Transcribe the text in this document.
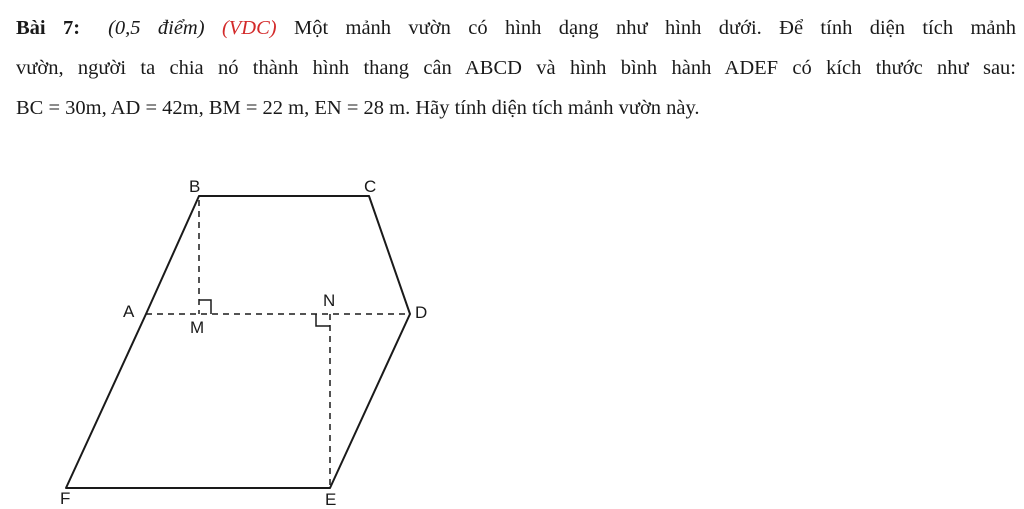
Bài 7: (0,5 điểm) (VDC) Một mảnh vườn có hình dạng như hình dưới. Để tính diện tích mảnh
vườn, người ta chia nó thành hình thang cân ABCD và hình bình hành ADEF có kích thước như sau:
BC = 30m, AD = 42m, BM = 22 m, EN = 28 m. Hãy tính diện tích mảnh vườn này.
B	C
A	D
M
N
F	E
